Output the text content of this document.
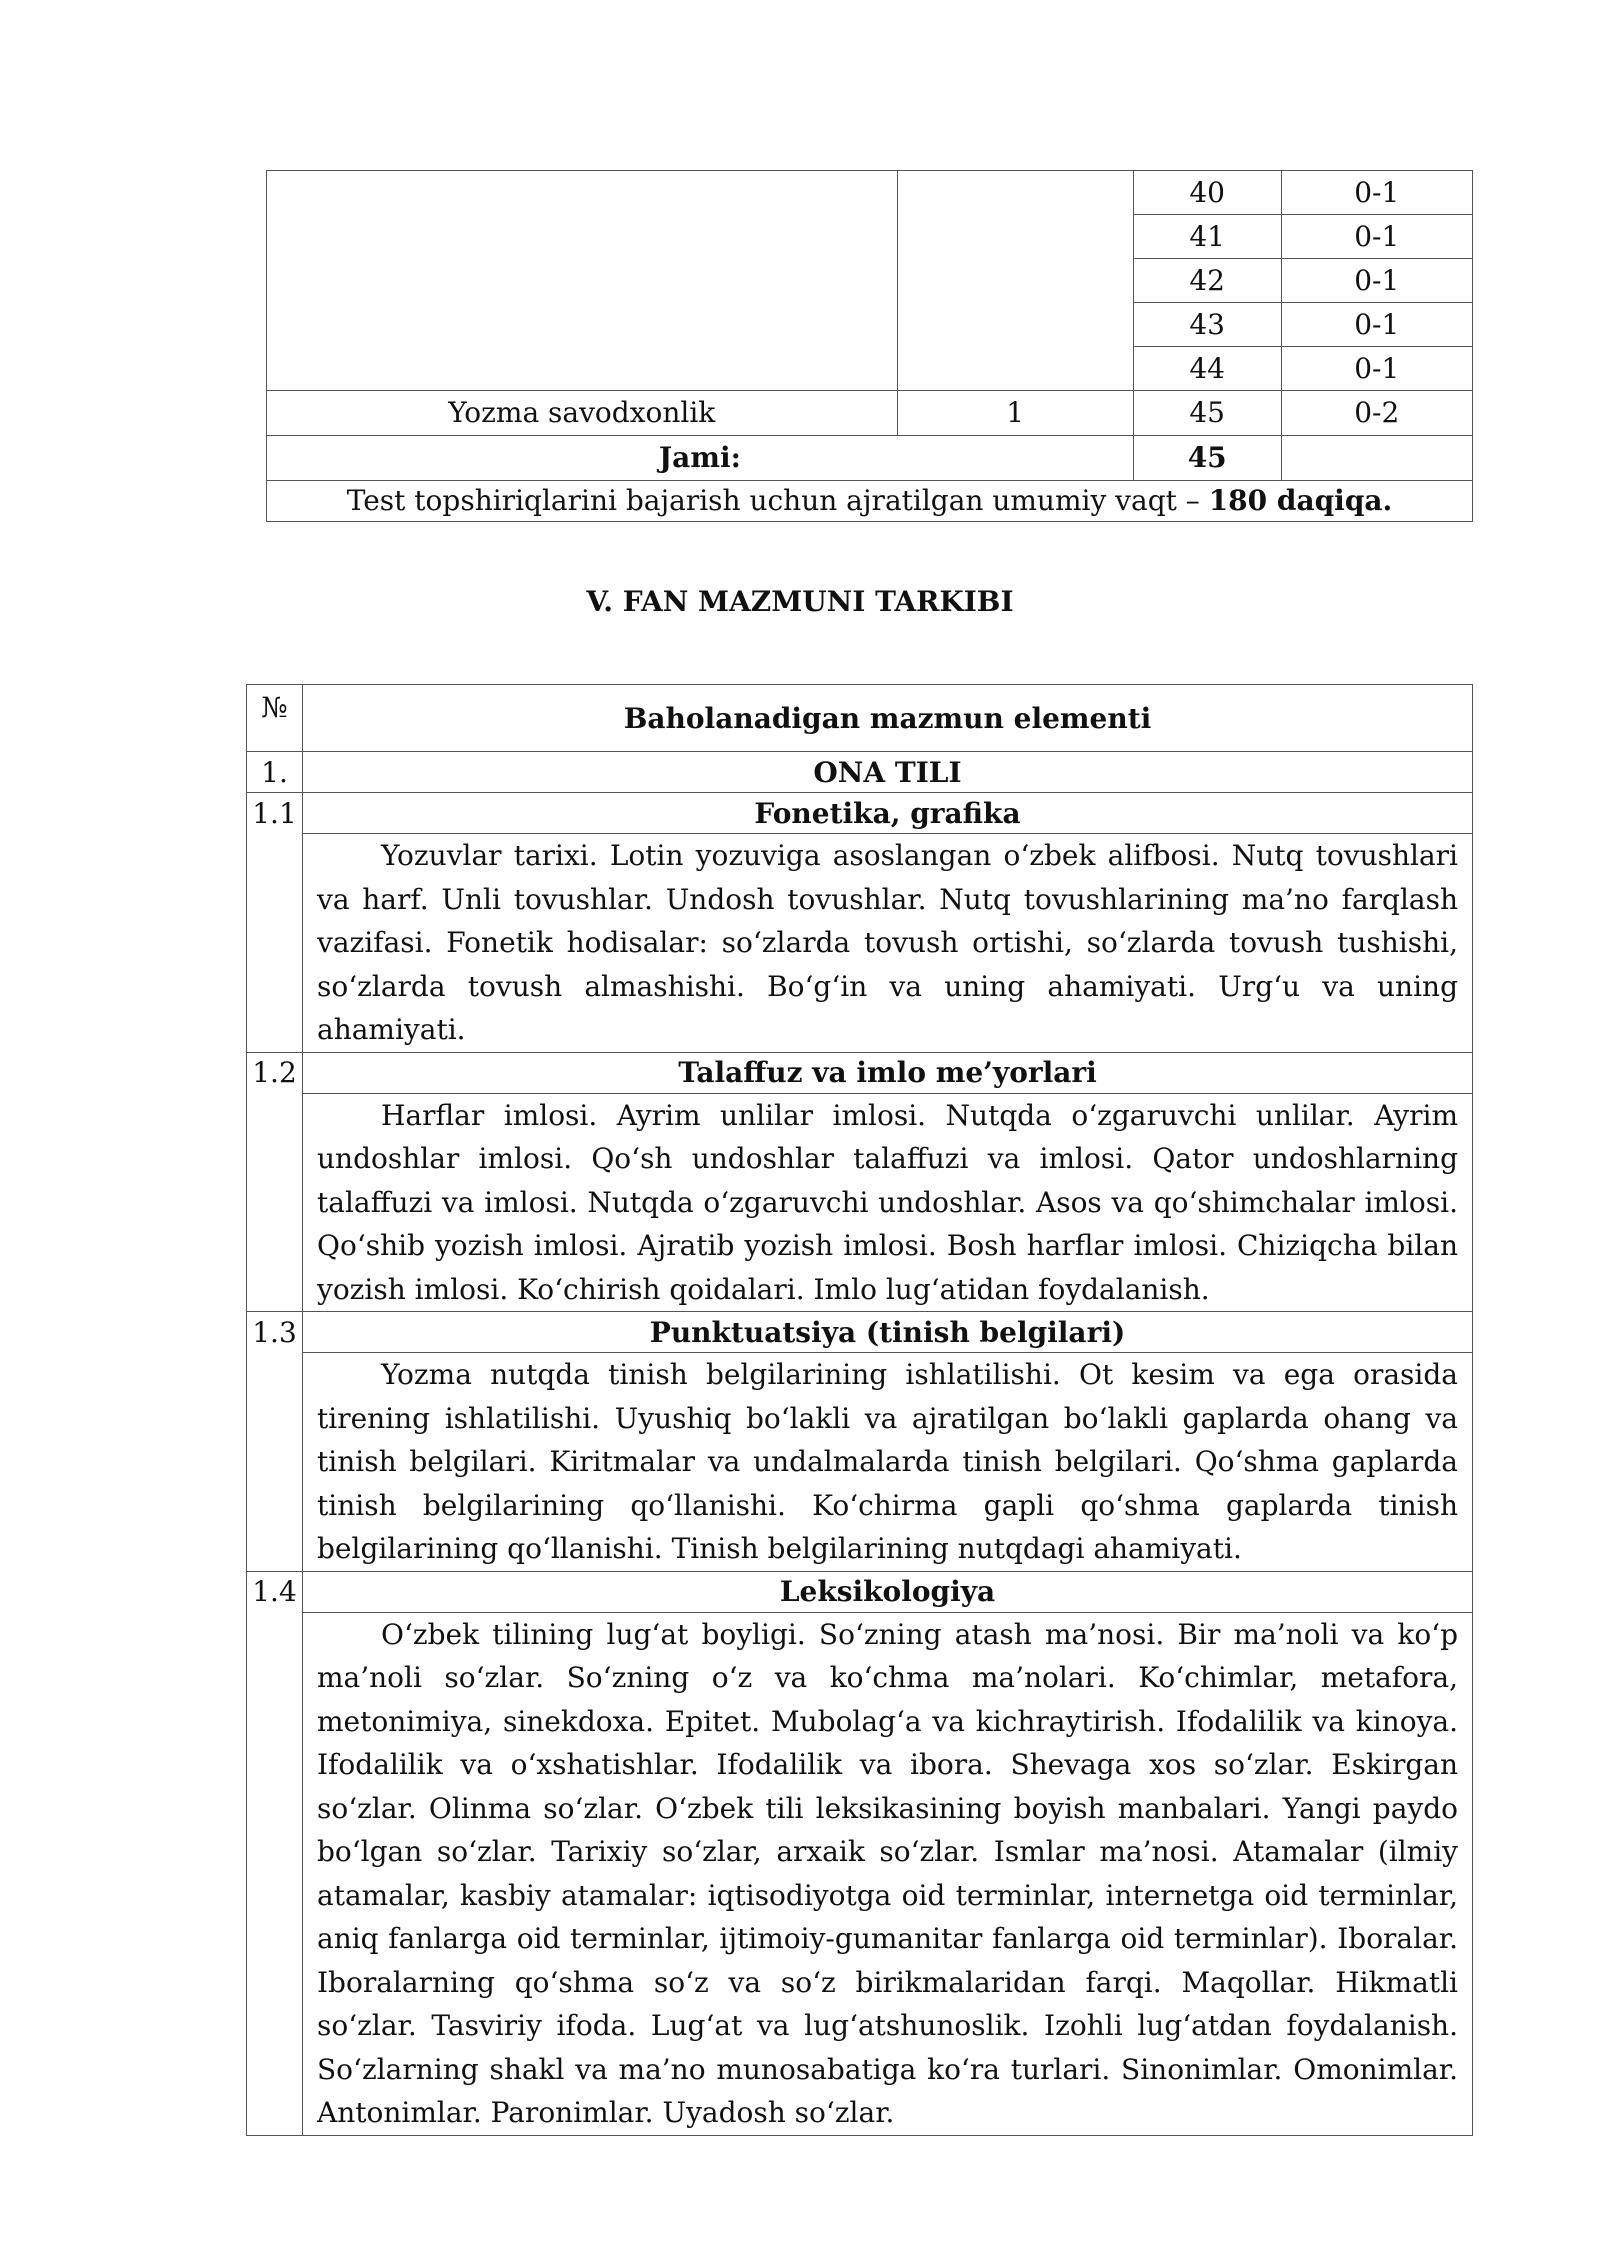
		40	0-1
		41	0-1
		42	0-1
		43	0-1
		44	0-1
Yozma savodxonlik	1	45	0-2
Jami:		45	
Test topshiriqlarini bajarish uchun ajratilgan umumiy vaqt – 180 daqiqa.			
V. FAN MAZMUNI TARKIBI
№	Baholanadigan mazmun elementi
1.	ONA TILI
1.1	Fonetika, grafika
	Yozuvlar tarixi. Lotin yozuviga asoslangan o‘zbek alifbosi. Nutq tovushlari va harf. Unli tovushlar. Undosh tovushlar. Nutq tovushlarining ma’no farqlash vazifasi. Fonetik hodisalar: so‘zlarda tovush ortishi, so‘zlarda tovush tushishi, so‘zlarda tovush almashishi. Bo‘g‘in va uning ahamiyati. Urg‘u va uning ahamiyati.
1.2	Talaffuz va imlo me’yorlari
	Harflar imlosi. Ayrim unlilar imlosi. Nutqda o‘zgaruvchi unlilar. Ayrim undoshlar imlosi. Qo‘sh undoshlar talaffuzi va imlosi. Qator undoshlarning talaffuzi va imlosi. Nutqda o‘zgaruvchi undoshlar. Asos va qo‘shimchalar imlosi. Qo‘shib yozish imlosi. Ajratib yozish imlosi. Bosh harflar imlosi. Chiziqcha bilan yozish imlosi. Ko‘chirish qoidalari. Imlo lug‘atidan foydalanish.
1.3	Punktuatsiya (tinish belgilari)
	Yozma nutqda tinish belgilarining ishlatilishi. Ot kesim va ega orasida tirening ishlatilishi. Uyushiq bo‘lakli va ajratilgan bo‘lakli gaplarda ohang va tinish belgilari. Kiritmalar va undalmalarda tinish belgilari. Qo‘shma gaplarda tinish belgilarining qo‘llanishi. Ko‘chirma gapli qo‘shma gaplarda tinish belgilarining qo‘llanishi. Tinish belgilarining nutqdagi ahamiyati.
1.4	Leksikologiya
	O‘zbek tilining lug‘at boyligi. So‘zning atash ma’nosi. Bir ma’noli va ko‘p ma’noli so‘zlar. So‘zning o‘z va ko‘chma ma’nolari. Ko‘chimlar, metafora, metonimiya, sinekdoxa. Epitet. Mubolag‘a va kichraytirish. Ifodalilik va kinoya. Ifodalilik va o‘xshatishlar. Ifodalilik va ibora. Shevaga xos so‘zlar. Eskirgan so‘zlar. Olinma so‘zlar. O‘zbek tili leksikasining boyish manbalari. Yangi paydo bo‘lgan so‘zlar. Tarixiy so‘zlar, arxaik so‘zlar. Ismlar ma’nosi. Atamalar (ilmiy atamalar, kasbiy atamalar: iqtisodiyotga oid terminlar, internetga oid terminlar, aniq fanlarga oid terminlar, ijtimoiy-gumanitar fanlarga oid terminlar). Iboralar. Iboralarning qo‘shma so‘z va so‘z birikmalaridan farqi. Maqollar. Hikmatli so‘zlar. Tasviriy ifoda. Lug‘at va lug‘atshunoslik. Izohli lug‘atdan foydalanish. So‘zlarning shakl va ma’no munosabatiga ko‘ra turlari. Sinonimlar. Omonimlar. Antonimlar. Paronimlar. Uyadosh so‘zlar.
